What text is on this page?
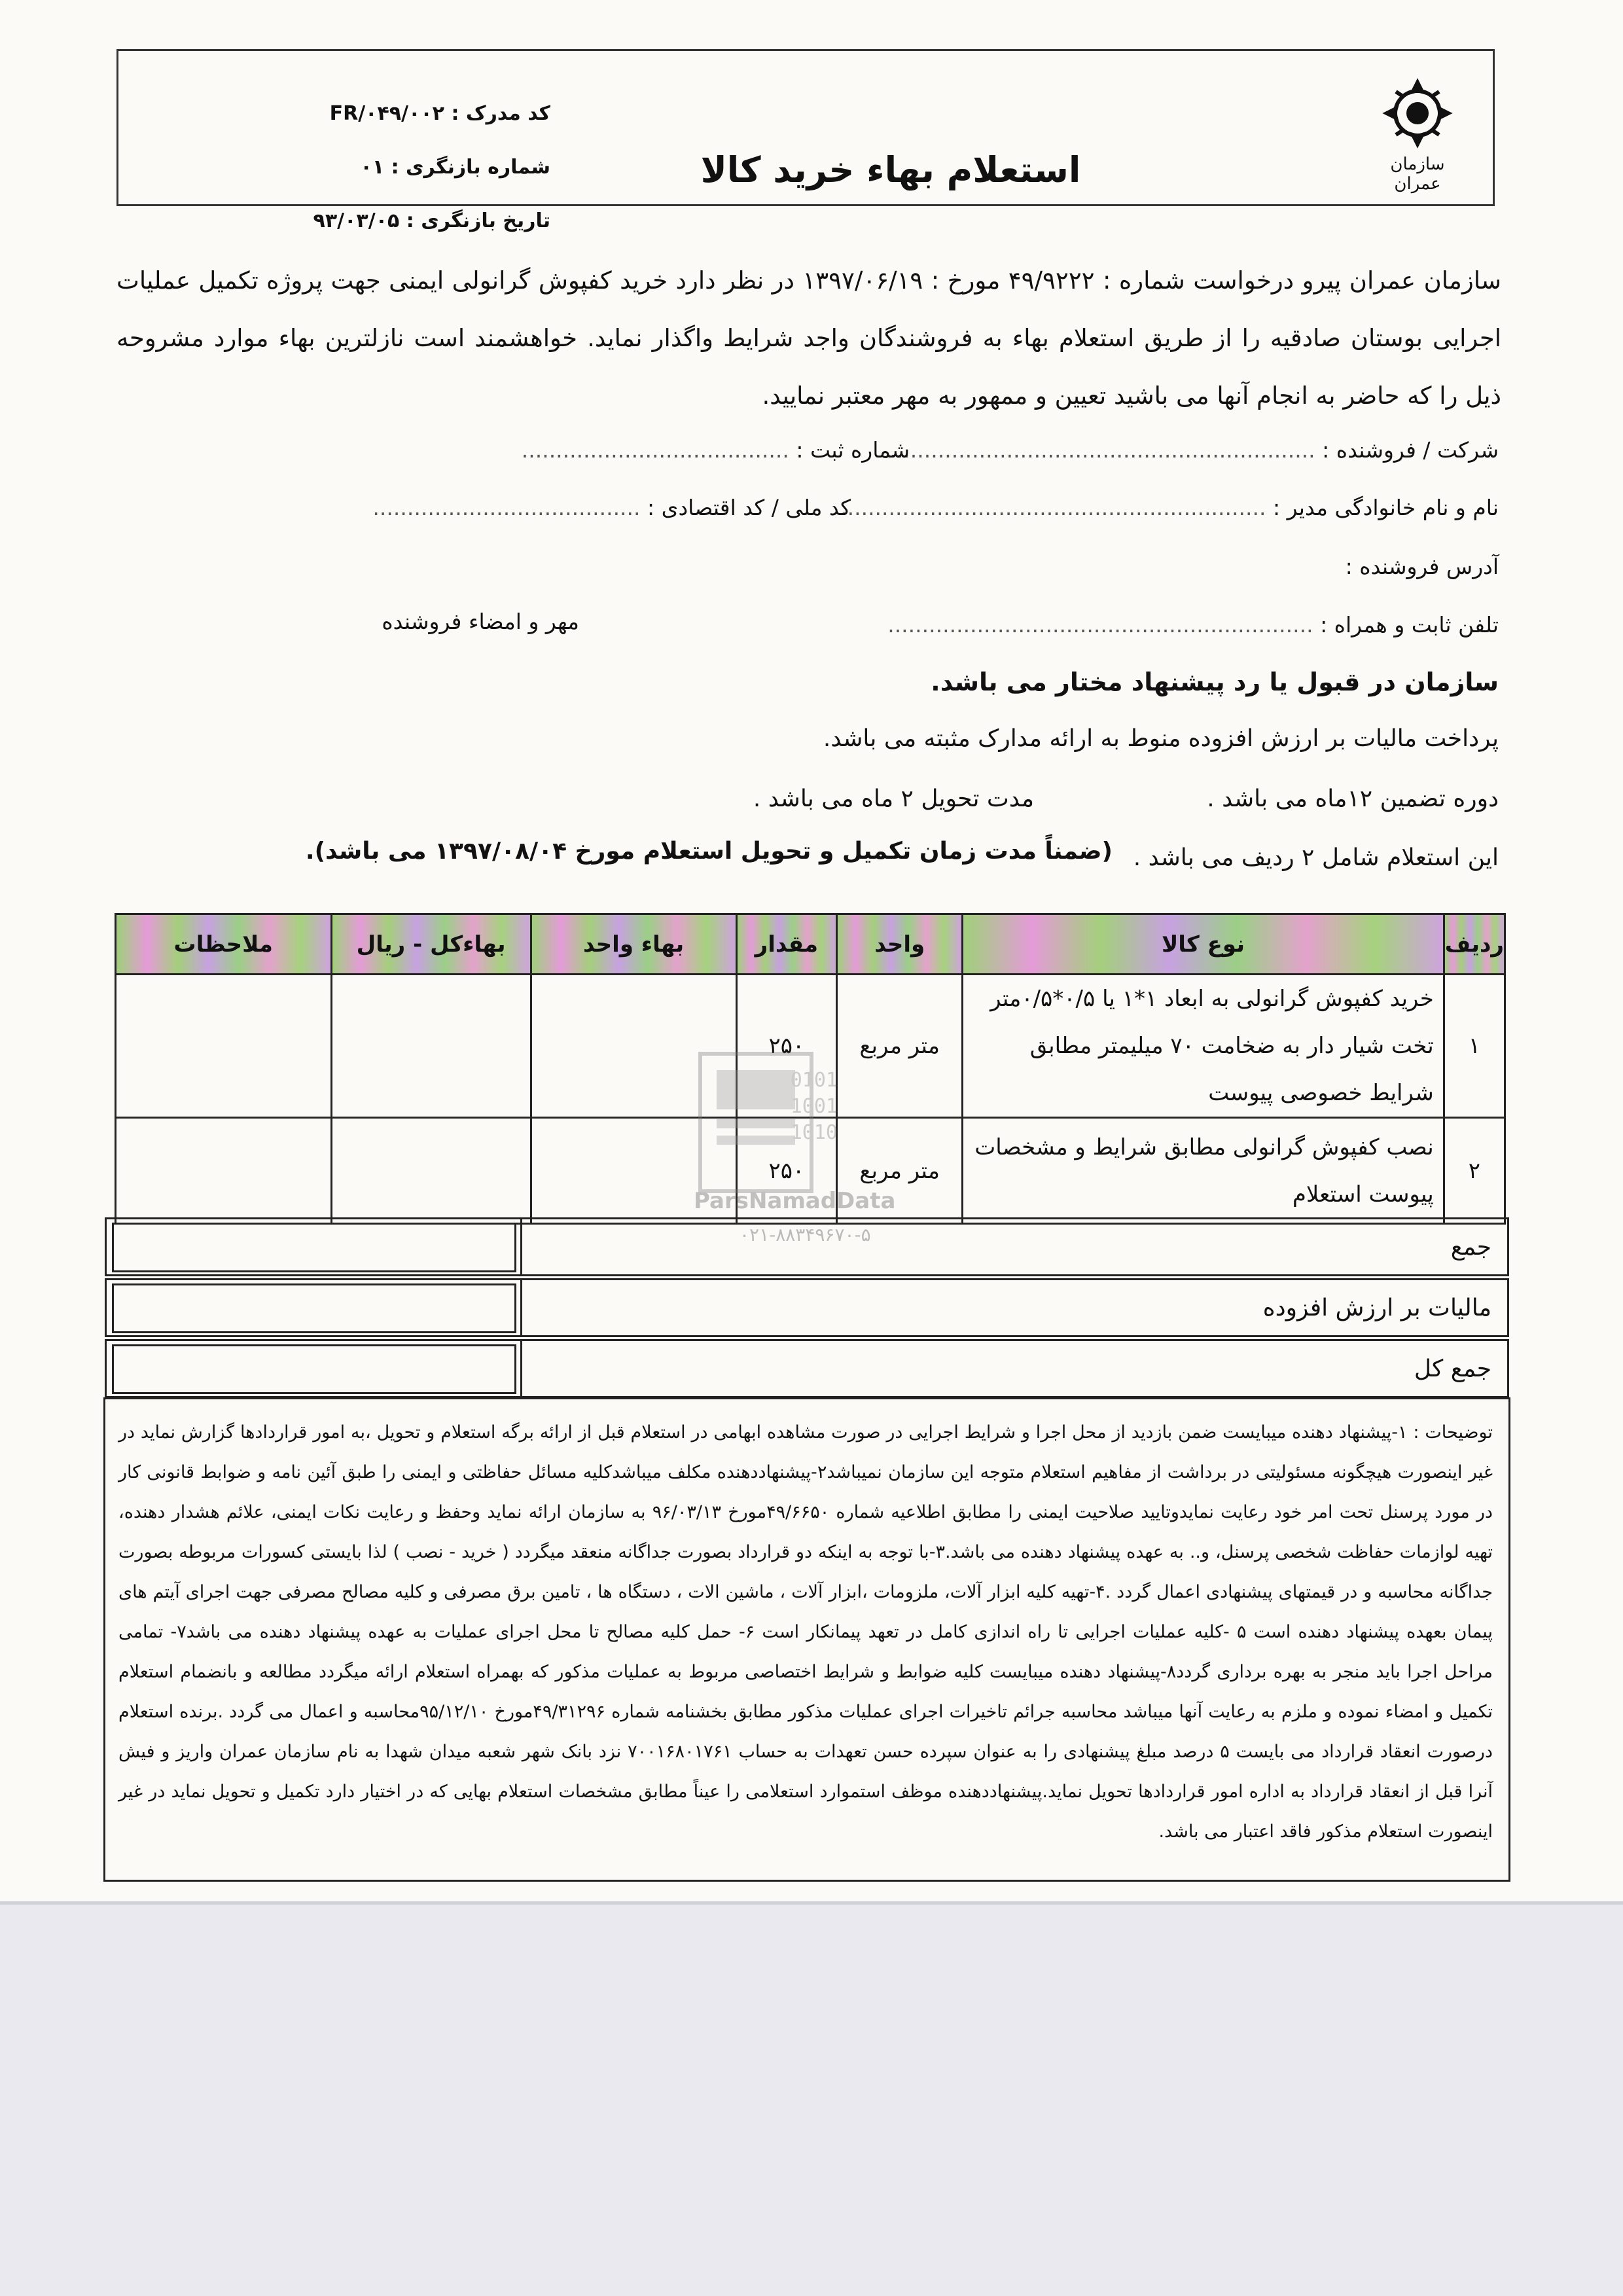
سازمان عمران
استعلام بهاء خرید کالا
کد مدرک : FR/۰۴۹/۰۰۲
شماره بازنگری : ۰۱
تاریخ بازنگری : ۹۳/۰۳/۰۵
سازمان عمران پیرو درخواست شماره : ۴۹/۹۲۲۲ مورخ : ۱۳۹۷/۰۶/۱۹ در نظر دارد خرید کفپوش گرانولی ایمنی جهت پروژه تکمیل عملیات اجرایی بوستان صادقیه را از طریق استعلام بهاء به فروشندگان واجد شرایط واگذار نماید. خواهشمند است نازلترین بهاء موارد مشروحه ذیل را که حاضر به انجام آنها می باشید تعیین و ممهور به مهر معتبر نمایید.
شرکت / فروشنده : ..............................................................
شماره ثبت : .......................................
نام و نام خانوادگی مدیر : ..............................................................
کد ملی / کد اقتصادی : .......................................
آدرس فروشنده :
تلفن ثابت و همراه : ..............................................................
مهر و امضاء فروشنده
سازمان در قبول یا رد پیشنهاد مختار می باشد.
پرداخت مالیات بر ارزش افزوده منوط به ارائه مدارک مثبته می باشد.
دوره تضمین ۱۲ماه می باشد .
مدت تحویل ۲ ماه می باشد .
این استعلام شامل ۲ ردیف می باشد .
(ضمناً مدت زمان تکمیل و تحویل استعلام مورخ ۱۳۹۷/۰۸/۰۴ می باشد).
ردیف	نوع کالا	واحد	مقدار	بهاء واحد	بهاءکل - ریال	ملاحظات
۱	خرید کفپوش گرانولی به ابعاد ۱*۱ یا ۰/۵*۰/۵متر تخت شیار دار به ضخامت ۷۰ میلیمتر مطابق شرایط خصوصی پیوست	متر مربع	۲۵۰			
۲	نصب کفپوش گرانولی مطابق شرایط و مشخصات پیوست استعلام	متر مربع	۲۵۰			
0101
1001
1010
ParsNamadData
۰۲۱-۸۸۳۴۹۶۷۰-۵	جمع
مالیات بر ارزش افزوده
جمع کل
توضیحات : ۱-پیشنهاد دهنده میبایست ضمن بازدید از محل اجرا و شرایط اجرایی در صورت مشاهده ابهامی در استعلام قبل از ارائه برگه استعلام و تحویل ،به امور قراردادها گزارش نماید در غیر اینصورت هیچگونه مسئولیتی در برداشت از مفاهیم استعلام متوجه این سازمان نمیباشد۲-پیشنهاددهنده مکلف میباشدکلیه مسائل حفاظتی و ایمنی را طبق آئین نامه و ضوابط قانونی کار در مورد پرسنل تحت امر خود رعایت نمایدوتایید صلاحیت ایمنی را مطابق اطلاعیه شماره ۴۹/۶۶۵۰مورخ ۹۶/۰۳/۱۳ به سازمان ارائه نماید وحفظ و رعایت نکات ایمنی، علائم هشدار دهنده، تهیه لوازمات حفاظت شخصی پرسنل، و.. به عهده پیشنهاد دهنده می باشد.۳-با توجه به اینکه دو قرارداد بصورت جداگانه منعقد میگردد ( خرید - نصب ) لذا بایستی کسورات مربوطه بصورت جداگانه محاسبه و در قیمتهای پیشنهادی اعمال گردد .۴-تهیه کلیه ابزار آلات، ملزومات ،ابزار آلات ، ماشین الات ، دستگاه ها ، تامین برق مصرفی و کلیه مصالح مصرفی جهت اجرای آیتم های پیمان بعهده پیشنهاد دهنده است ۵ -کلیه عملیات اجرایی تا راه اندازی کامل در تعهد پیمانکار است ۶- حمل کلیه مصالح تا محل اجرای عملیات به عهده پیشنهاد دهنده می باشد۷- تمامی مراحل اجرا باید منجر به بهره برداری گردد۸-پیشنهاد دهنده میبایست کلیه ضوابط و شرایط اختصاصی مربوط به عملیات مذکور که بهمراه استعلام ارائه میگردد مطالعه و بانضمام استعلام تکمیل و امضاء نموده و ملزم به رعایت آنها میباشد محاسبه جرائم تاخیرات اجرای عملیات مذکور مطابق بخشنامه شماره ۴۹/۳۱۲۹۶مورخ ۹۵/۱۲/۱۰محاسبه و اعمال می گردد .برنده استعلام درصورت انعقاد قرارداد می بایست ۵ درصد مبلغ پیشنهادی را به عنوان سپرده حسن تعهدات به حساب ۷۰۰۱۶۸۰۱۷۶۱ نزد بانک شهر شعبه میدان شهدا به نام سازمان عمران واریز و فیش آنرا قبل از انعقاد قرارداد به اداره امور قراردادها تحویل نماید.پیشنهاددهنده موظف استموارد استعلامی را عیناً مطابق مشخصات استعلام بهایی که در اختیار دارد تکمیل و تحویل نماید در غیر اینصورت استعلام مذکور فاقد اعتبار می باشد.
